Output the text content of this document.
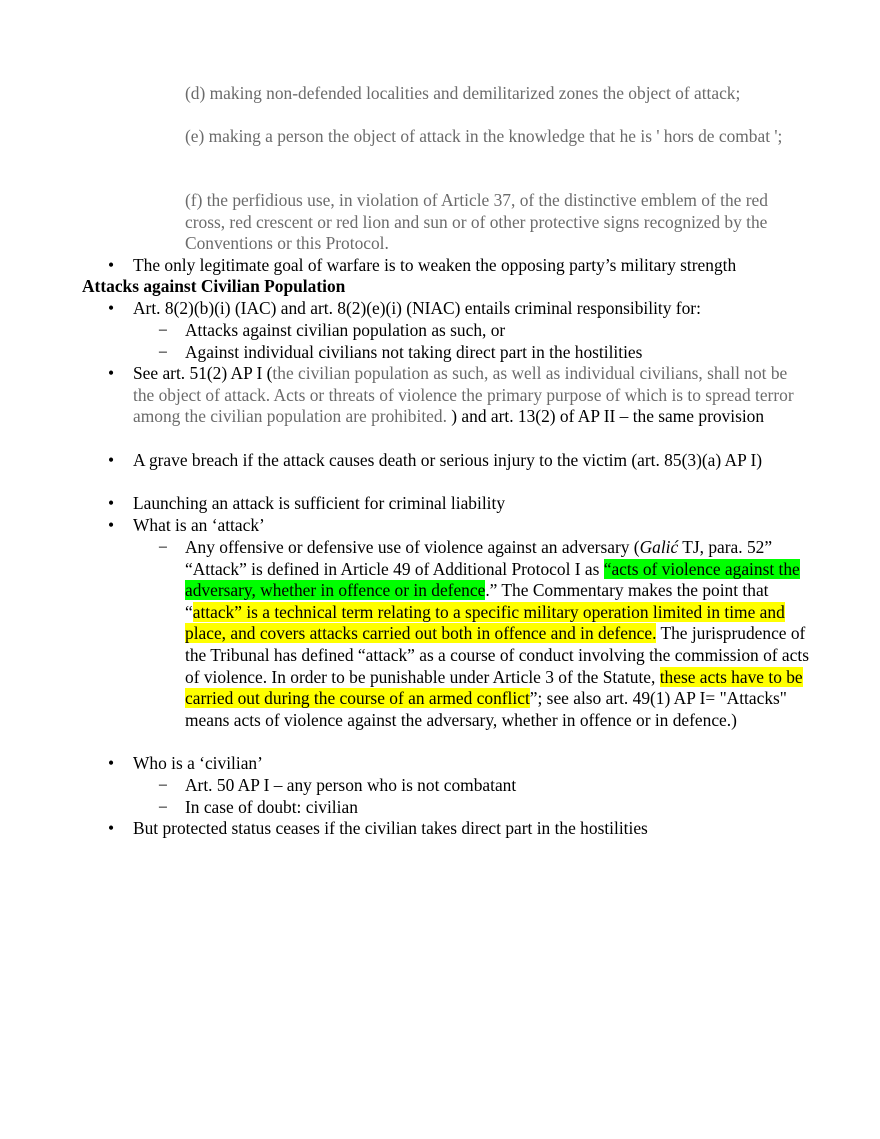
(d) making non-defended localities and demilitarized zones the object of attack;
(e) making a person the object of attack in the knowledge that he is ' hors de combat ';
(f) the perfidious use, in violation of Article 37, of the distinctive emblem of the red cross, red crescent or red lion and sun or of other protective signs recognized by the Conventions or this Protocol.
•	The only legitimate goal of warfare is to weaken the opposing party’s military strength
Attacks against Civilian Population
•	Art. 8(2)(b)(i) (IAC) and art. 8(2)(e)(i) (NIAC) entails criminal responsibility for:
− Attacks against civilian population as such, or
− Against individual civilians not taking direct part in the hostilities
•	See art. 51(2) AP I (the civilian population as such, as well as individual civilians, shall not be the object of attack. Acts or threats of violence the primary purpose of which is to spread terror among the civilian population are prohibited. ) and art. 13(2) of AP II – the same provision
•	A grave breach if the attack causes death or serious injury to the victim (art. 85(3)(a) AP I)
•	Launching an attack is sufficient for criminal liability
•	What is an ‘attack’
− Any offensive or defensive use of violence against an adversary (Galić TJ, para. 52” “Attack” is defined in Article 49 of Additional Protocol I as “acts of violence against the adversary, whether in offence or in defence.” The Commentary makes the point that “attack” is a technical term relating to a specific military operation limited in time and place, and covers attacks carried out both in offence and in defence. The jurisprudence of the Tribunal has defined “attack” as a course of conduct involving the commission of acts of violence. In order to be punishable under Article 3 of the Statute, these acts have to be carried out during the course of an armed conflict”; see also art. 49(1) AP I= "Attacks" means acts of violence against the adversary, whether in offence or in defence.)
•	Who is a ‘civilian’
− Art. 50 AP I – any person who is not combatant
− In case of doubt: civilian
•	But protected status ceases if the civilian takes direct part in the hostilities
